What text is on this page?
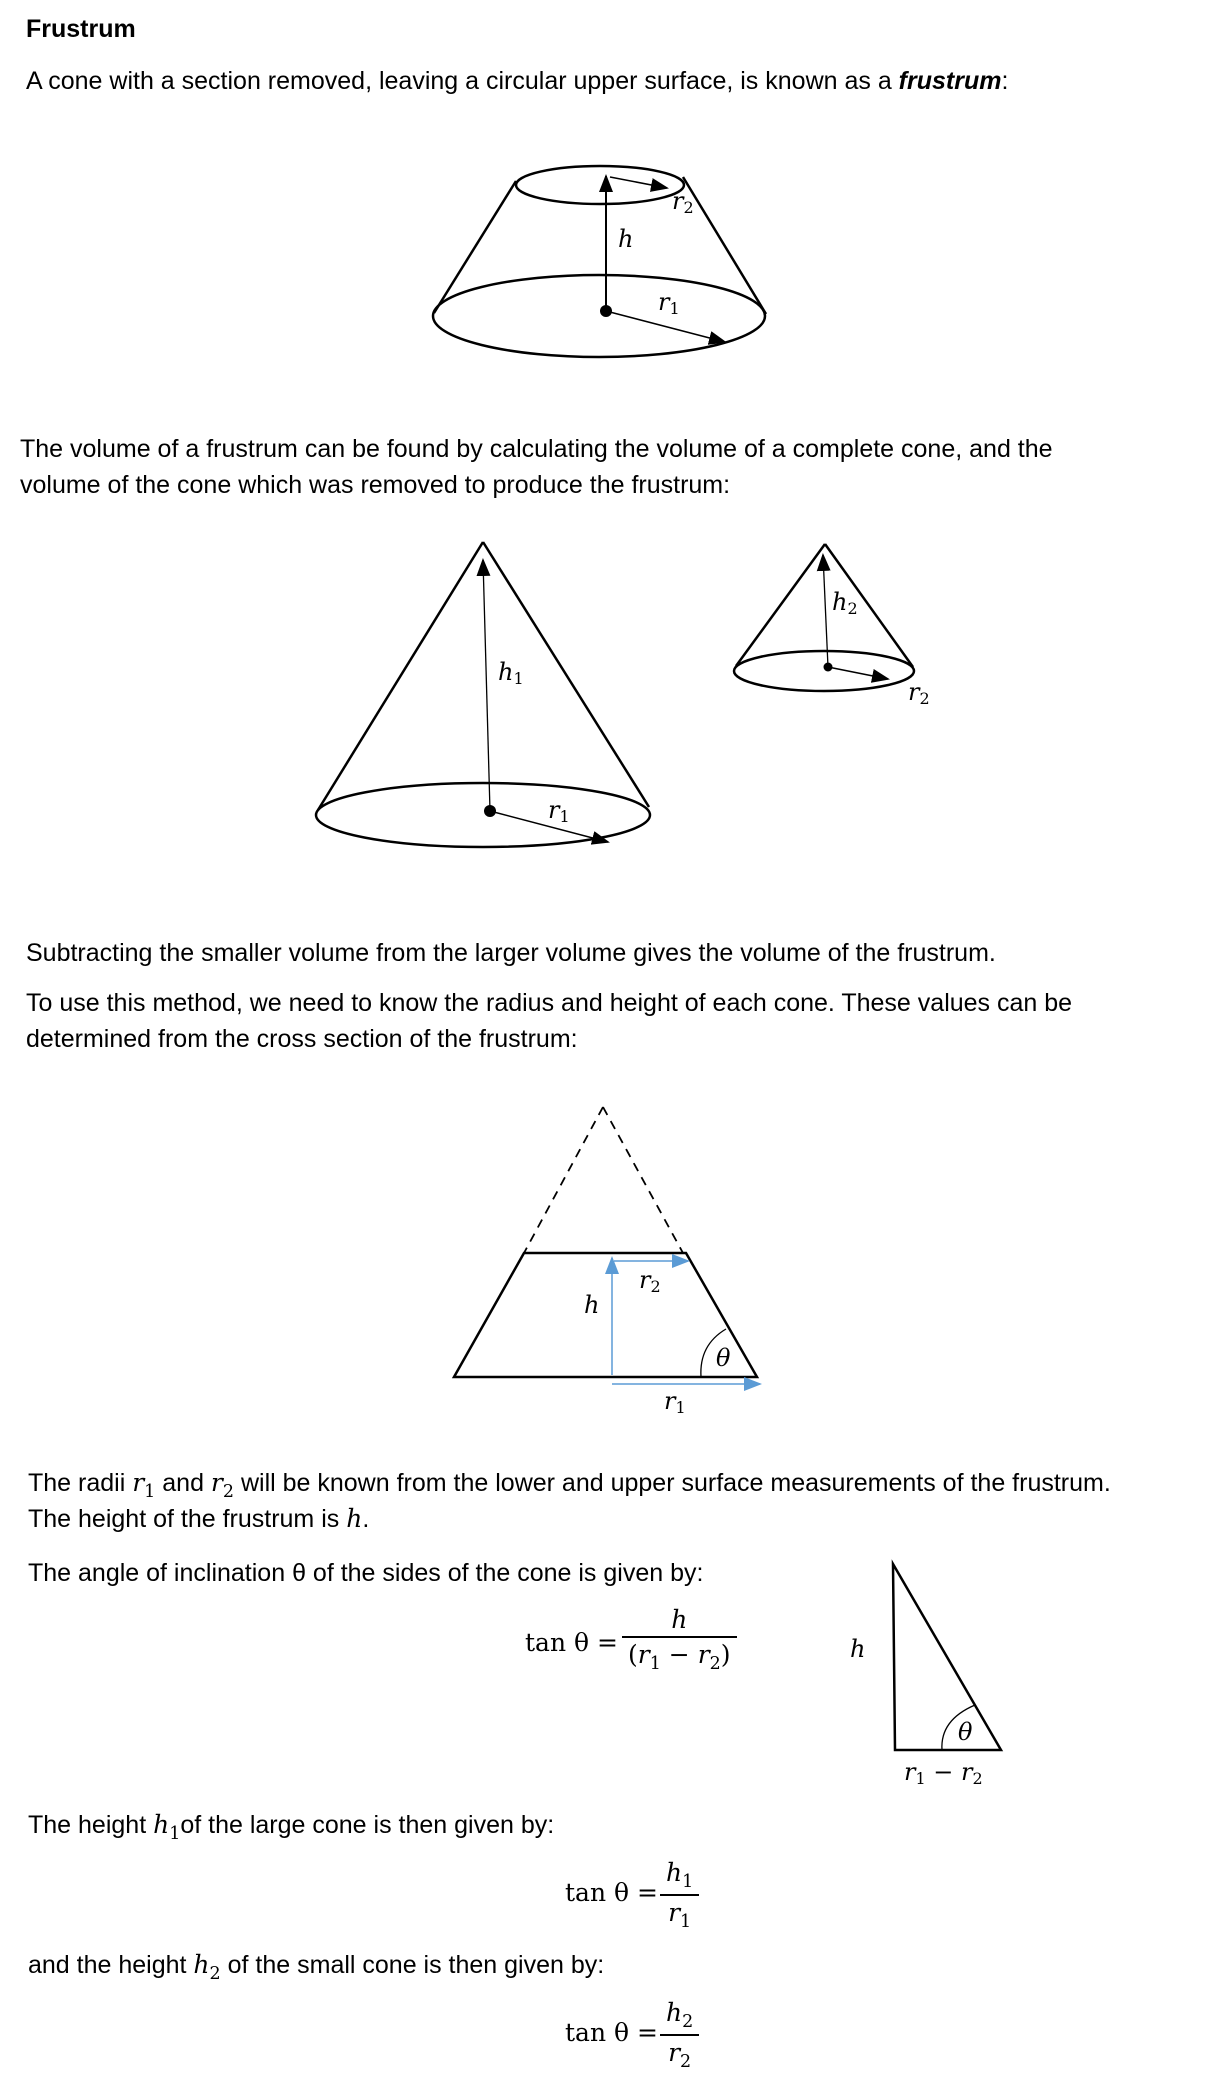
Frustrum
A cone with a section removed, leaving a circular upper surface, is known as a frustrum:
h
r2
r1
h1
r1
h2
r2
h
r2
r1
θ
h
θ
r1 − r2
The volume of a frustrum can be found by calculating the volume of a complete cone, and the
volume of the cone which was removed to produce the frustrum:
Subtracting the smaller volume from the larger volume gives the volume of the frustrum.
To use this method, we need to know the radius and height of each cone. These values can be
determined from the cross section of the frustrum:
The radii $r_1$ and $r_2$ will be known from the lower and upper surface measurements of the frustrum.
The height of the frustrum is h.
The angle of inclination θ of the sides of the cone is given by:
tan θ =
h
$(r_1 - r_2)$
The height $h_1of$ the large cone is then given by:
tan θ =
$h_1$
$r_1$
and the height $h_2$ of the small cone is then given by:
tan θ =
$h_2$
$r_2$
